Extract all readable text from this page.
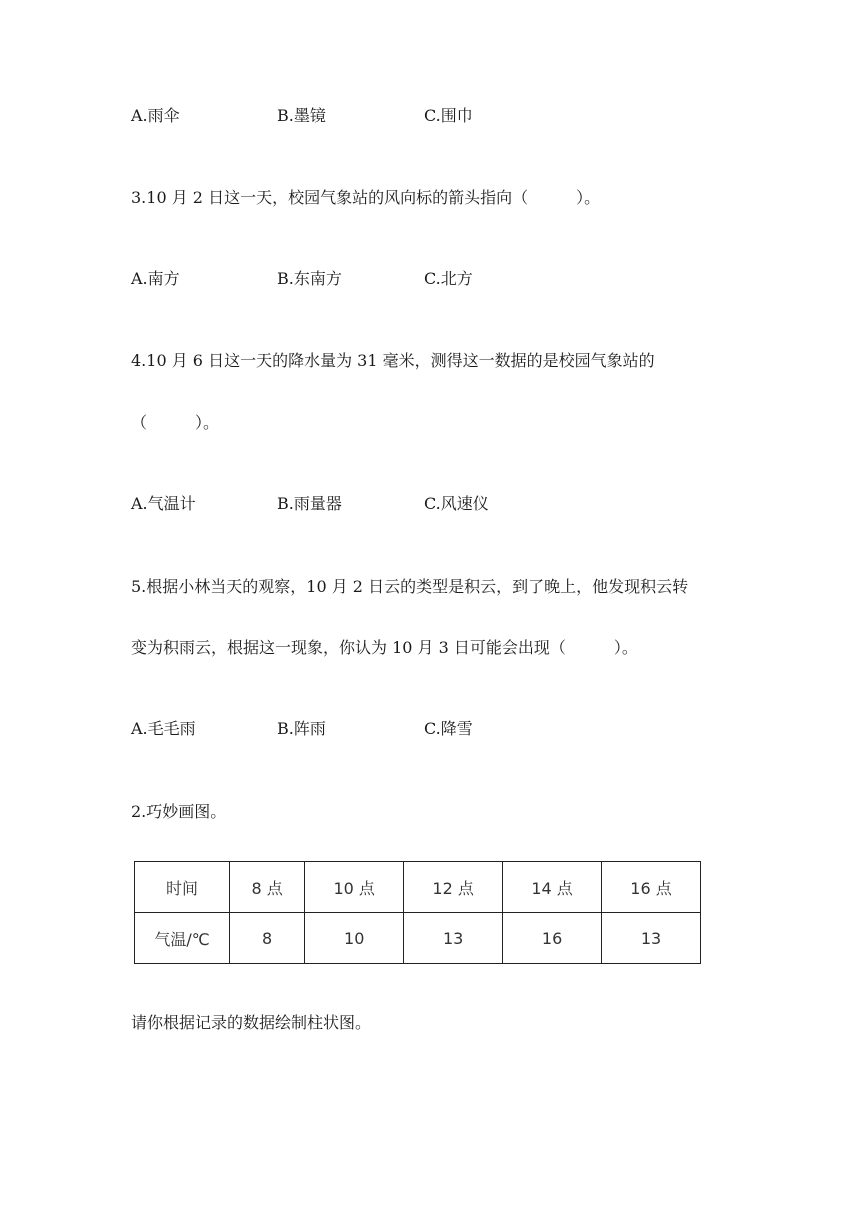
A.雨伞	B.墨镜	C.围巾
3.10 月 2 日这一天，校园气象站的风向标的箭头指向（　　　）。
A.南方	B.东南方	C.北方
4.10 月 6 日这一天的降水量为 31 毫米，测得这一数据的是校园气象站的
（　　　）。
A.气温计	B.雨量器	C.风速仪
5.根据小林当天的观察，10 月 2 日云的类型是积云，到了晚上，他发现积云转
变为积雨云，根据这一现象，你认为 10 月 3 日可能会出现（　　　）。
A.毛毛雨	B.阵雨	C.降雪
2.巧妙画图。
时间	8 点	10 点	12 点	14 点	16 点
气温/℃	8	10	13	16	13
请你根据记录的数据绘制柱状图。
